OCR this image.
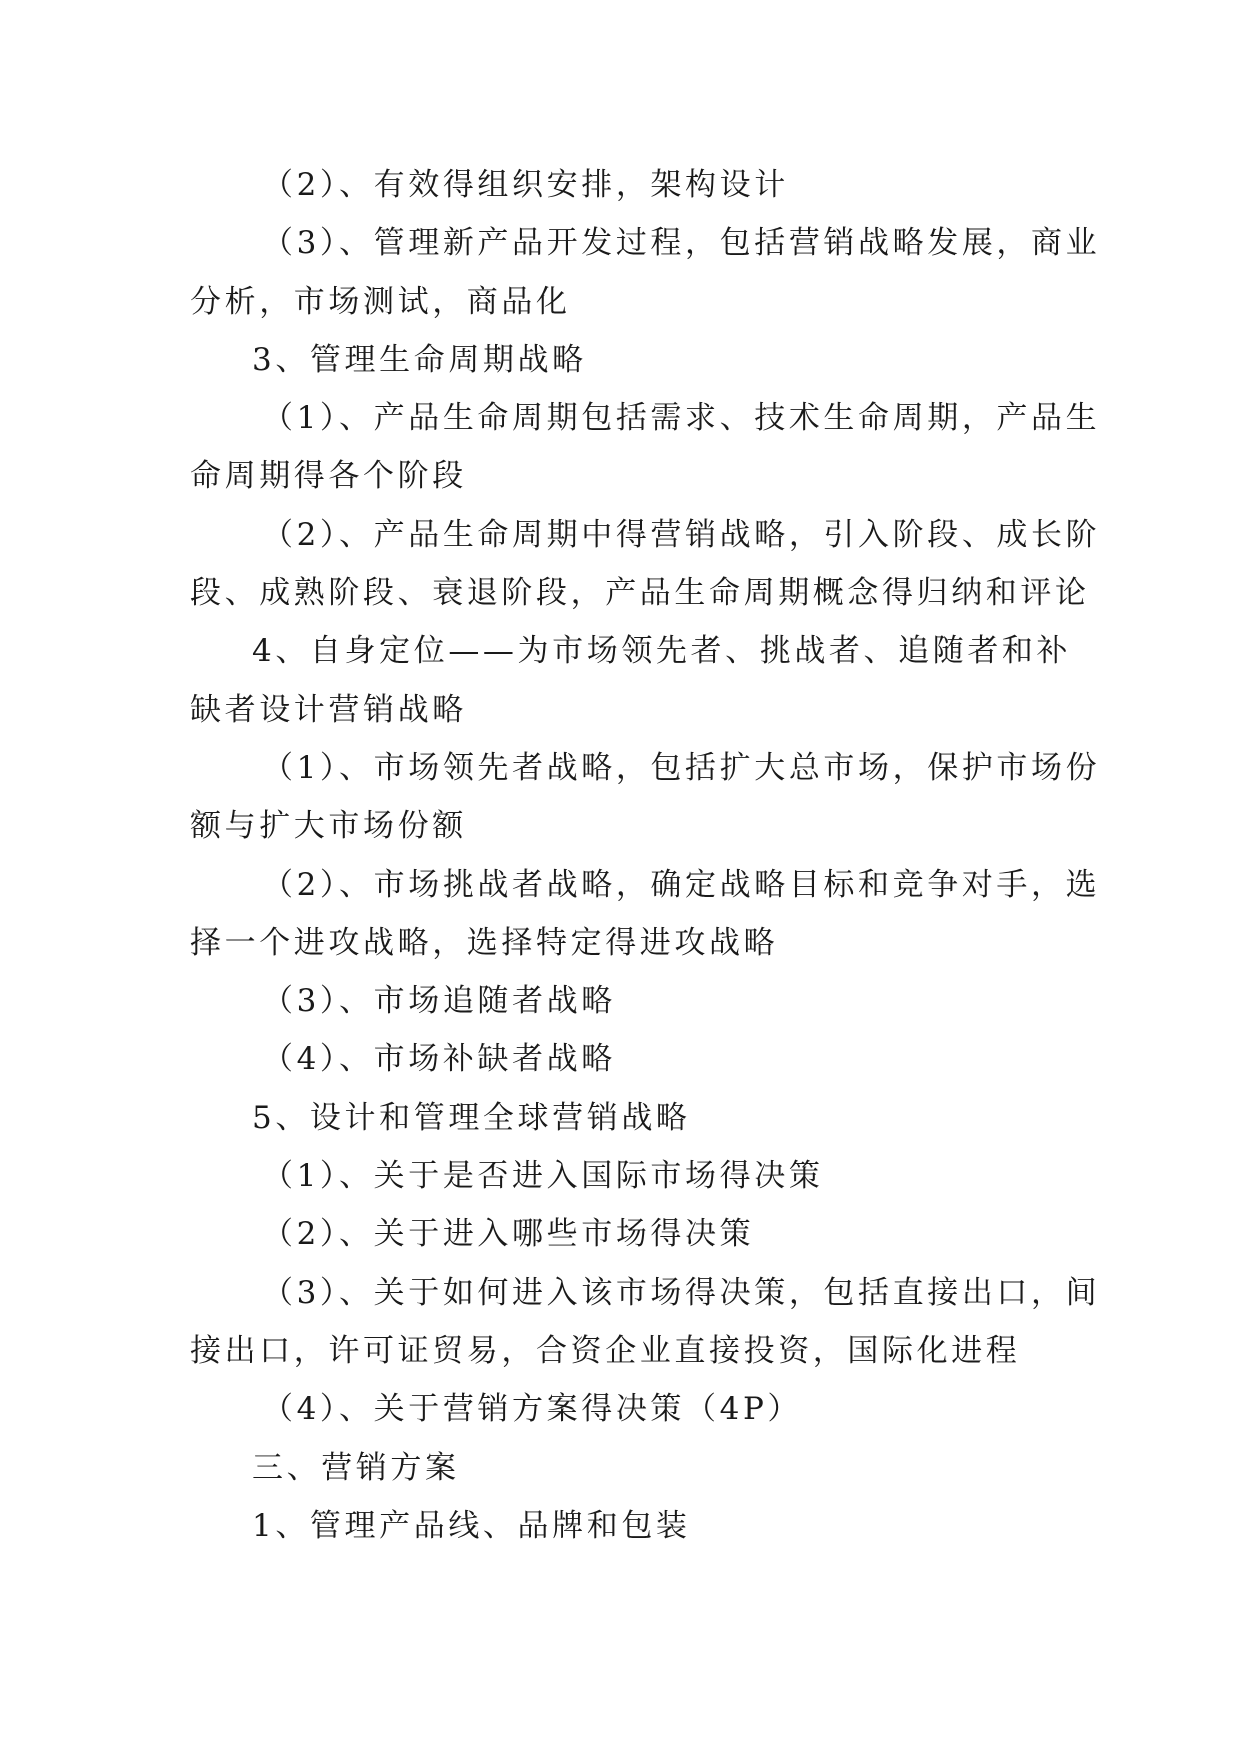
（2）、有效得组织安排，架构设计
（3）、管理新产品开发过程，包括营销战略发展，商业
分析，市场测试，商品化
3、管理生命周期战略
（1）、产品生命周期包括需求、技术生命周期，产品生
命周期得各个阶段
（2）、产品生命周期中得营销战略，引入阶段、成长阶
段、成熟阶段、衰退阶段，产品生命周期概念得归纳和评论
4、自身定位——为市场领先者、挑战者、追随者和补
缺者设计营销战略
（1）、市场领先者战略，包括扩大总市场，保护市场份
额与扩大市场份额
（2）、市场挑战者战略，确定战略目标和竞争对手，选
择一个进攻战略，选择特定得进攻战略
（3）、市场追随者战略
（4）、市场补缺者战略
5、设计和管理全球营销战略
（1）、关于是否进入国际市场得决策
（2）、关于进入哪些市场得决策
（3）、关于如何进入该市场得决策，包括直接出口，间
接出口，许可证贸易，合资企业直接投资，国际化进程
（4）、关于营销方案得决策（4P）
三、营销方案
1、管理产品线、品牌和包装
